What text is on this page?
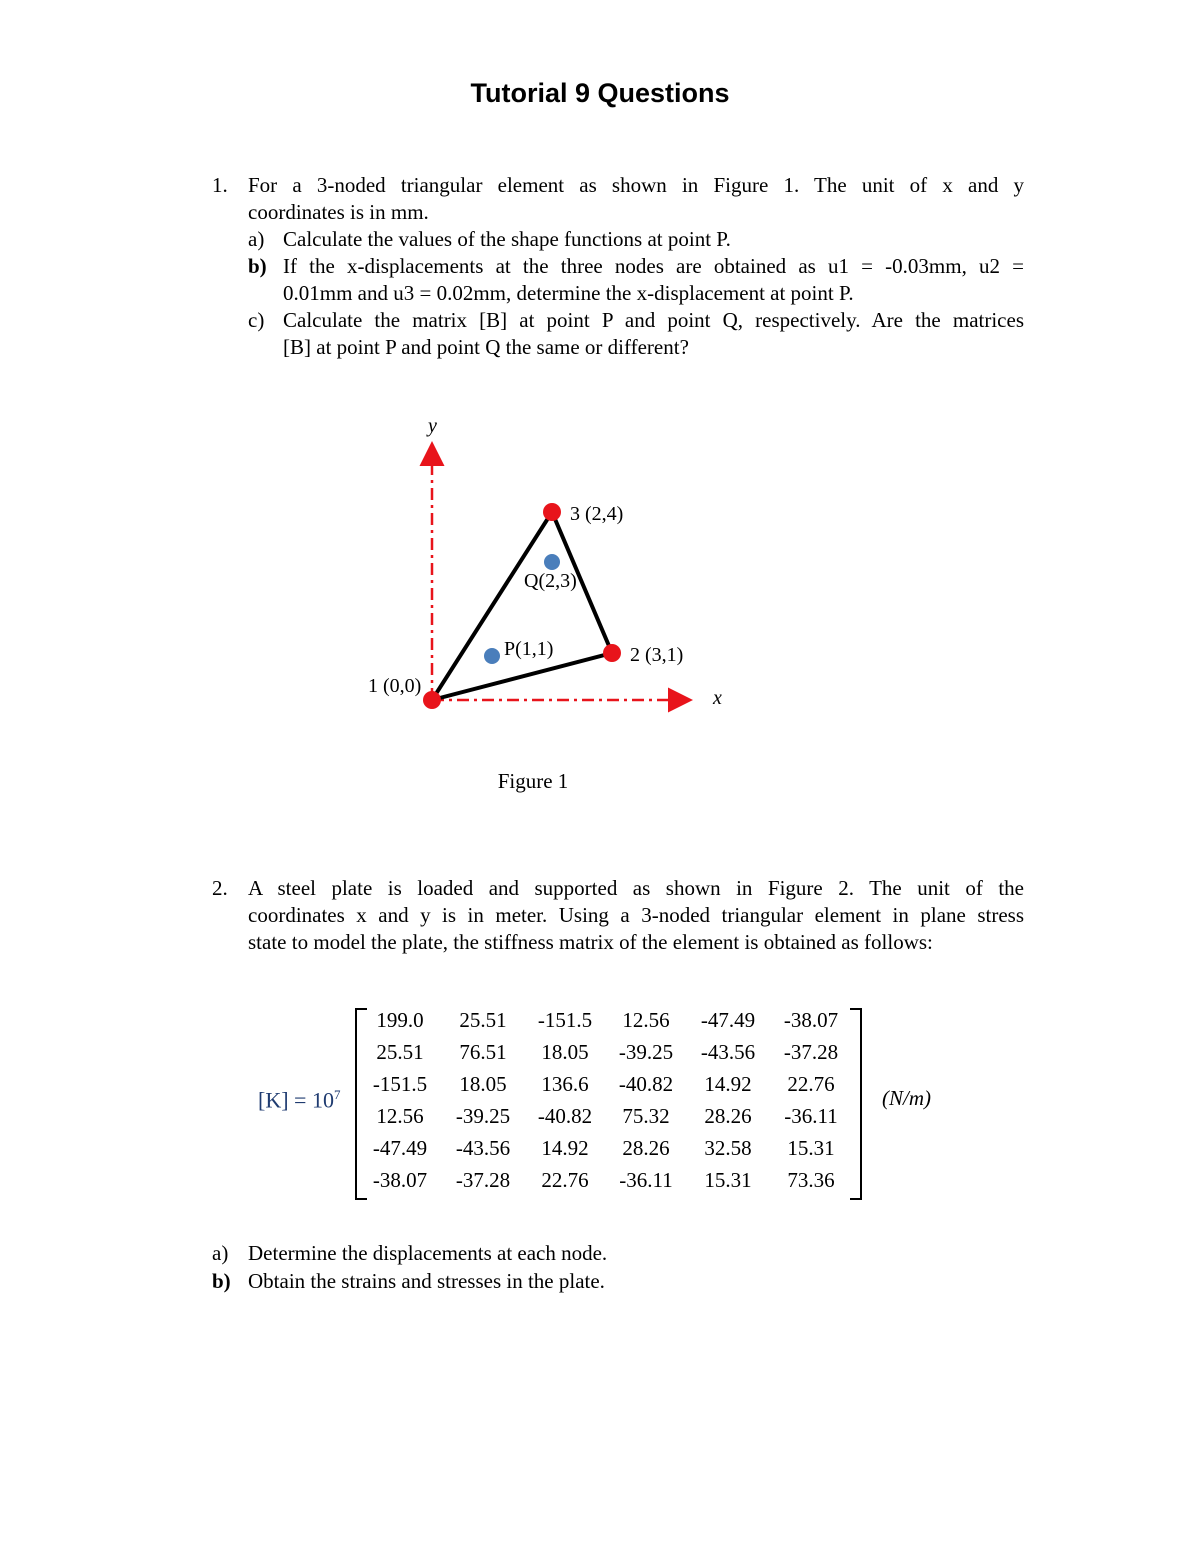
Tutorial 9 Questions
1. For a 3-noded triangular element as shown in Figure 1. The unit of x and y
coordinates is in mm.
a) Calculate the values of the shape functions at point P.
b) If the x-displacements at the three nodes are obtained as u1 = -0.03mm, u2 =
0.01mm and u3 = 0.02mm, determine the x-displacement at point P.
c) Calculate the matrix [B] at point P and point Q, respectively. Are the matrices
[B] at point P and point Q the same or different?
x
y
1 (0,0)
2 (3,1)
3 (2,4)
P(1,1)
Q(2,3)
Figure 1
2. A steel plate is loaded and supported as shown in Figure 2. The unit of the
coordinates x and y is in meter. Using a 3-noded triangular element in plane stress
state to model the plate, the stiffness matrix of the element is obtained as follows:
$[K] = 10^7$
199.0	25.51	-151.5	12.56	-47.49	-38.07
25.51	76.51	18.05	-39.25	-43.56	-37.28
-151.5	18.05	136.6	-40.82	14.92	22.76
12.56	-39.25	-40.82	75.32	28.26	-36.11
-47.49	-43.56	14.92	28.26	32.58	15.31
-38.07	-37.28	22.76	-36.11	15.31	73.36
(N/m)
a) Determine the displacements at each node.
b) Obtain the strains and stresses in the plate.
